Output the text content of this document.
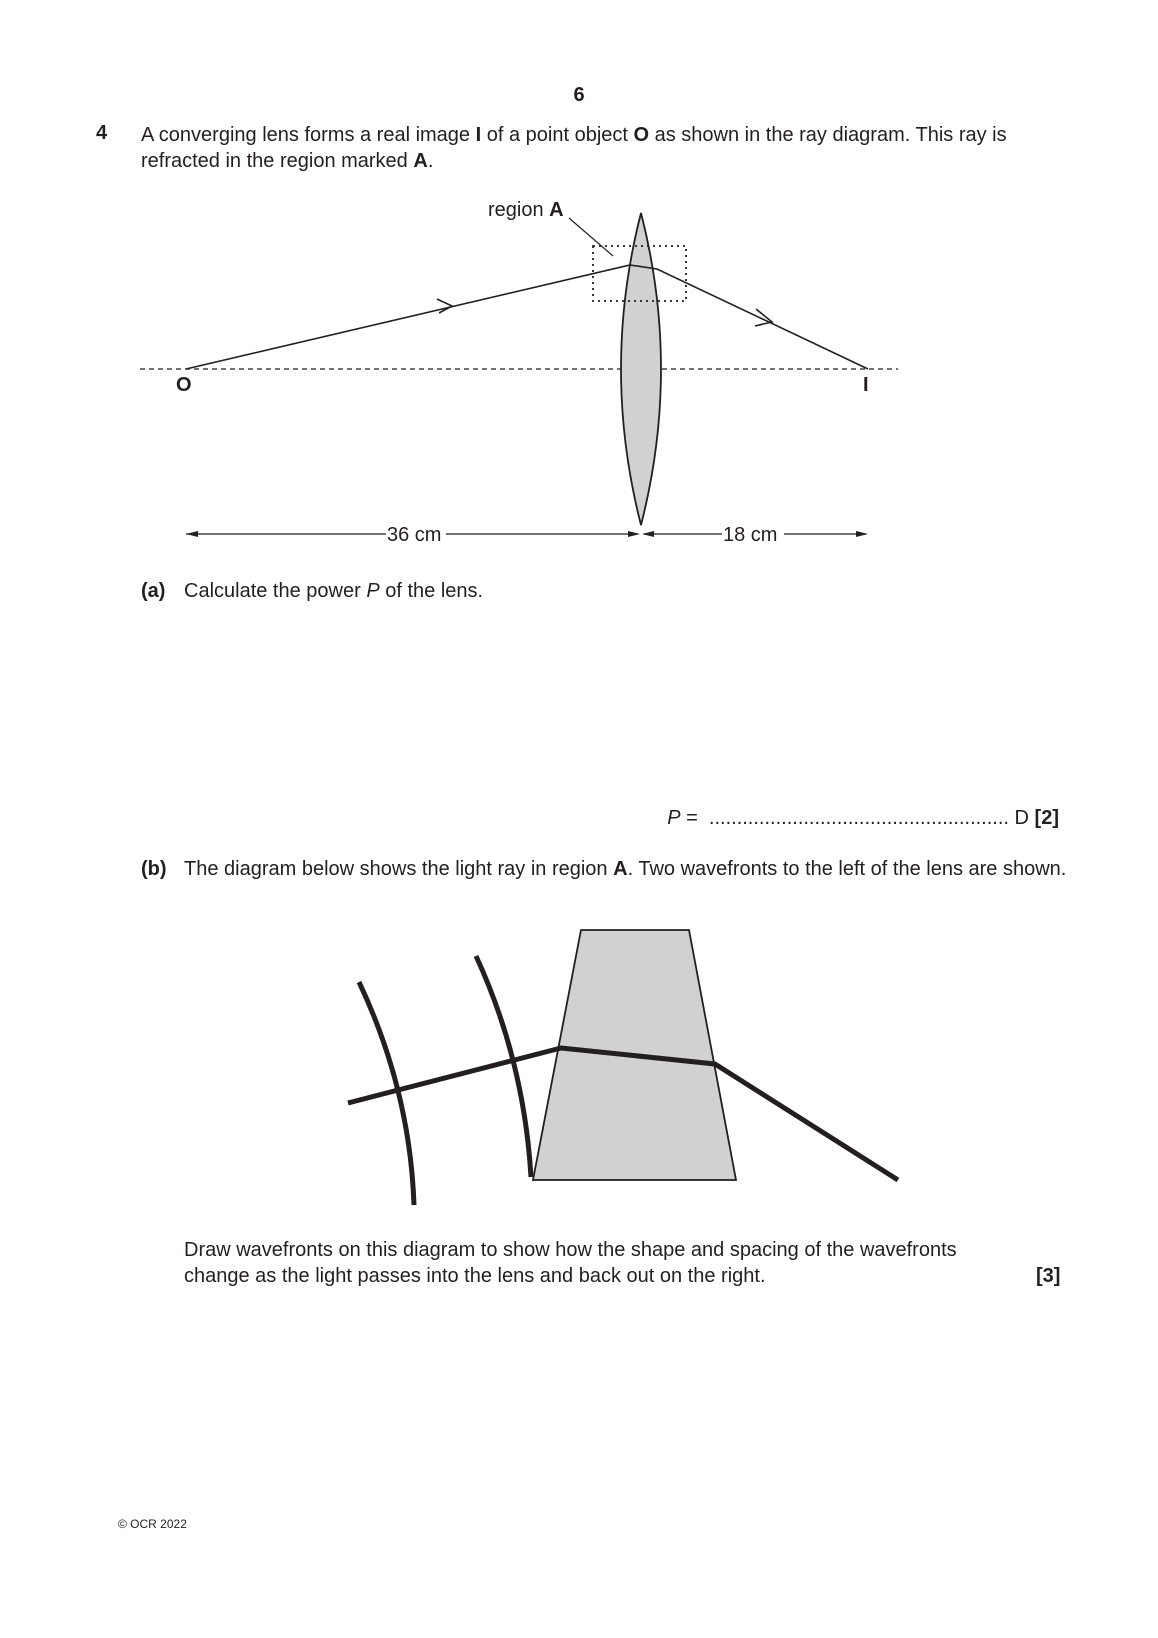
6
4 A converging lens forms a real image I of a point object O as shown in the ray diagram. This ray is refracted in the region marked A.
region A
O	I
36 cm	18 cm
(a) Calculate the power P of the lens.
P = ...................................................... D [2]
(b) The diagram below shows the light ray in region A. Two wavefronts to the left of the lens are shown.
Draw wavefronts on this diagram to show how the shape and spacing of the wavefronts change as the light passes into the lens and back out on the right.	[3]
© OCR 2022
